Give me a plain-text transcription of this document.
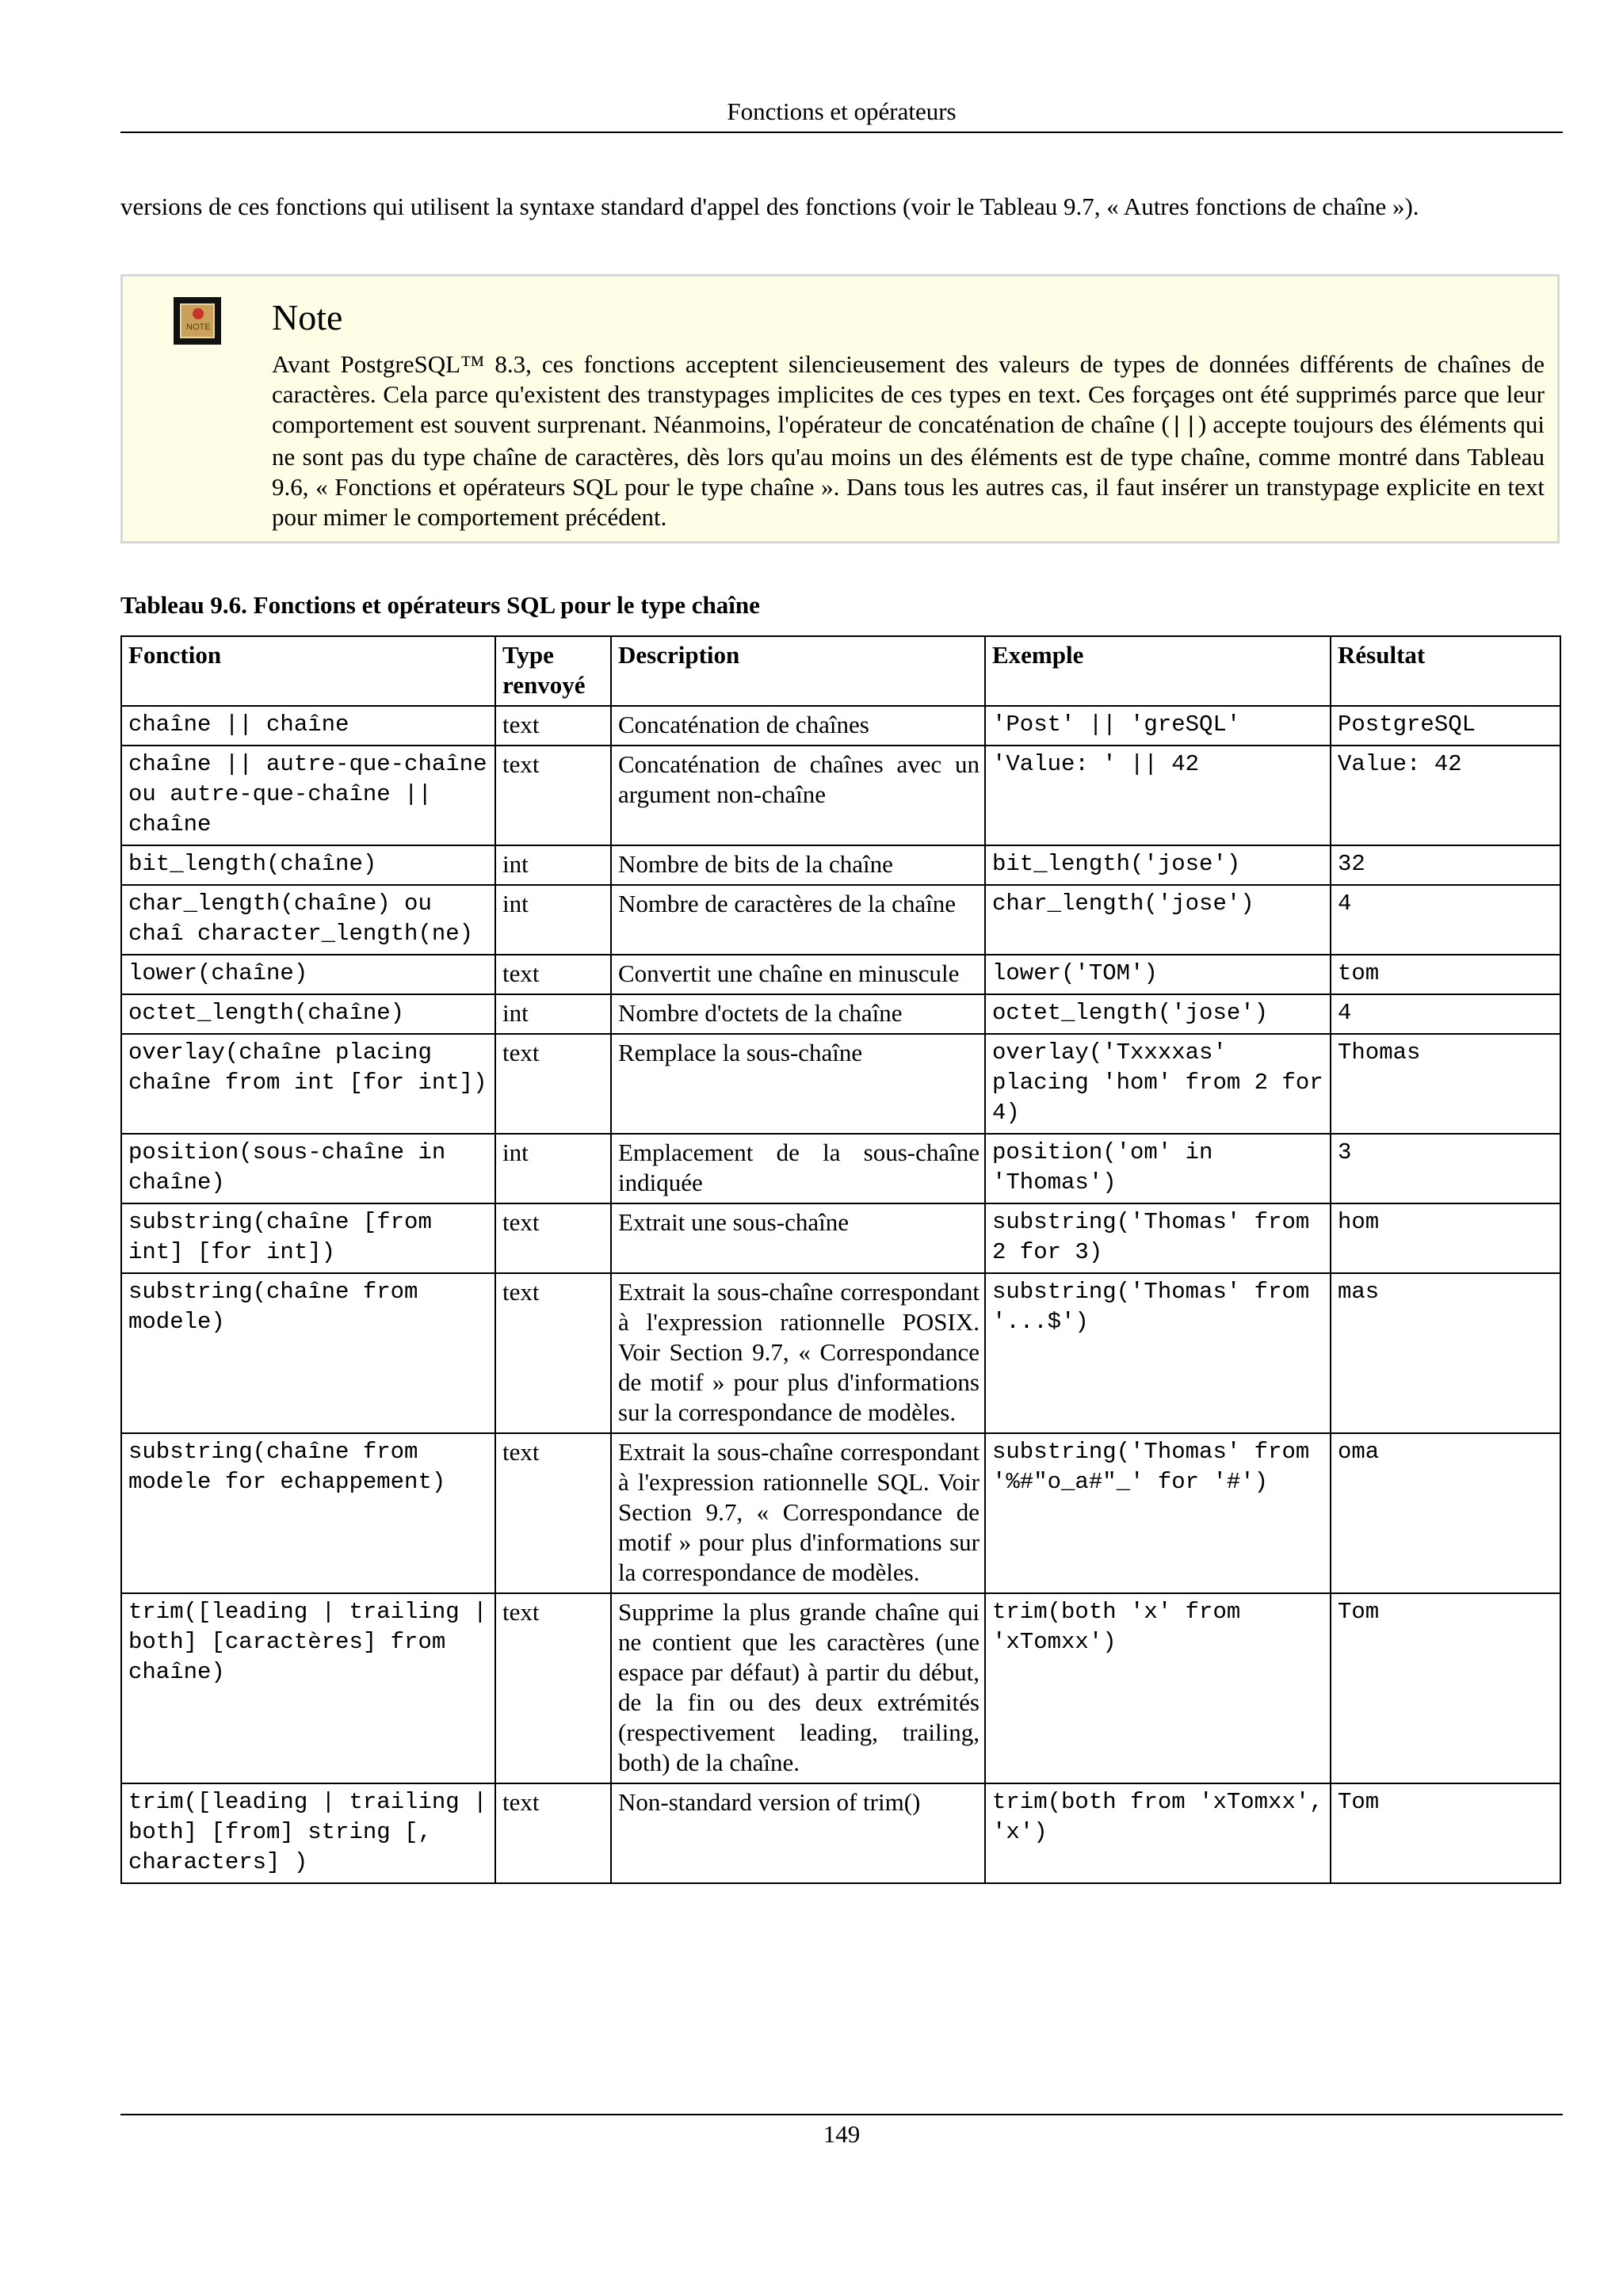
Fonctions et opérateurs

versions de ces fonctions qui utilisent la syntaxe standard d'appel des fonctions (voir le Tableau 9.7, « Autres fonctions de chaîne »).

NOTE Note
Avant PostgreSQL™ 8.3, ces fonctions acceptent silencieusement des valeurs de types de données différents de chaînes de caractères. Cela parce qu'existent des transtypages implicites de ces types en text. Ces forçages ont été supprimés parce que leur comportement est souvent surprenant. Néanmoins, l'opérateur de concaténation de chaîne (||) accepte toujours des éléments qui ne sont pas du type chaîne de caractères, dès lors qu'au moins un des éléments est de type chaîne, comme montré dans Tableau 9.6, « Fonctions et opérateurs SQL pour le type chaîne ». Dans tous les autres cas, il faut insérer un transtypage explicite en text pour mimer le comportement précédent.
Tableau 9.6. Fonctions et opérateurs SQL pour le type chaîne
Fonction	Type renvoyé	Description	Exemple	Résultat
chaîne || chaîne	text	Concaténation de chaînes	'Post' || 'greSQL'	PostgreSQL
chaîne || autre-que-chaîne ou autre-que-chaîne || chaîne	text	Concaténation de chaînes avec un argument non-chaîne	'Value: ' || 42	Value: 42
bit_length(chaîne)	int	Nombre de bits de la chaîne	bit_length('jose')	32
char_length(chaîne) ou chaî character_length(ne)	int	Nombre de caractères de la chaîne	char_length('jose')	4
lower(chaîne)	text	Convertit une chaîne en minuscule	lower('TOM')	tom
octet_length(chaîne)	int	Nombre d'octets de la chaîne	octet_length('jose')	4
overlay(chaîne placing chaîne from int [for int])	text	Remplace la sous-chaîne	overlay('Txxxxas' placing 'hom' from 2 for 4)	Thomas
position(sous-chaîne in chaîne)	int	Emplacement de la sous-chaîne indiquée	position('om' in 'Thomas')	3
substring(chaîne [from int] [for int])	text	Extrait une sous-chaîne	substring('Thomas' from 2 for 3)	hom
substring(chaîne from modele)	text	Extrait la sous-chaîne correspondant à l'expression rationnelle POSIX. Voir Section 9.7, « Correspondance de motif » pour plus d'informations sur la correspondance de modèles.	substring('Thomas' from '...$')	mas
substring(chaîne from modele for echappement)	text	Extrait la sous-chaîne correspondant à l'expression rationnelle SQL. Voir Section 9.7, « Correspondance de motif » pour plus d'informations sur la correspondance de modèles.	substring('Thomas' from '%#"o_a#"_' for '#')	oma
trim([leading | trailing | both] [caractères] from chaîne)	text	Supprime la plus grande chaîne qui ne contient que les caractères (une espace par défaut) à partir du début, de la fin ou des deux extrémités (respectivement leading, trailing, both) de la chaîne.	trim(both 'x' from 'xTomxx')	Tom
trim([leading | trailing | both] [from] string [, characters] )	text	Non-standard version of trim()	trim(both from 'xTomxx', 'x')	Tom
149
